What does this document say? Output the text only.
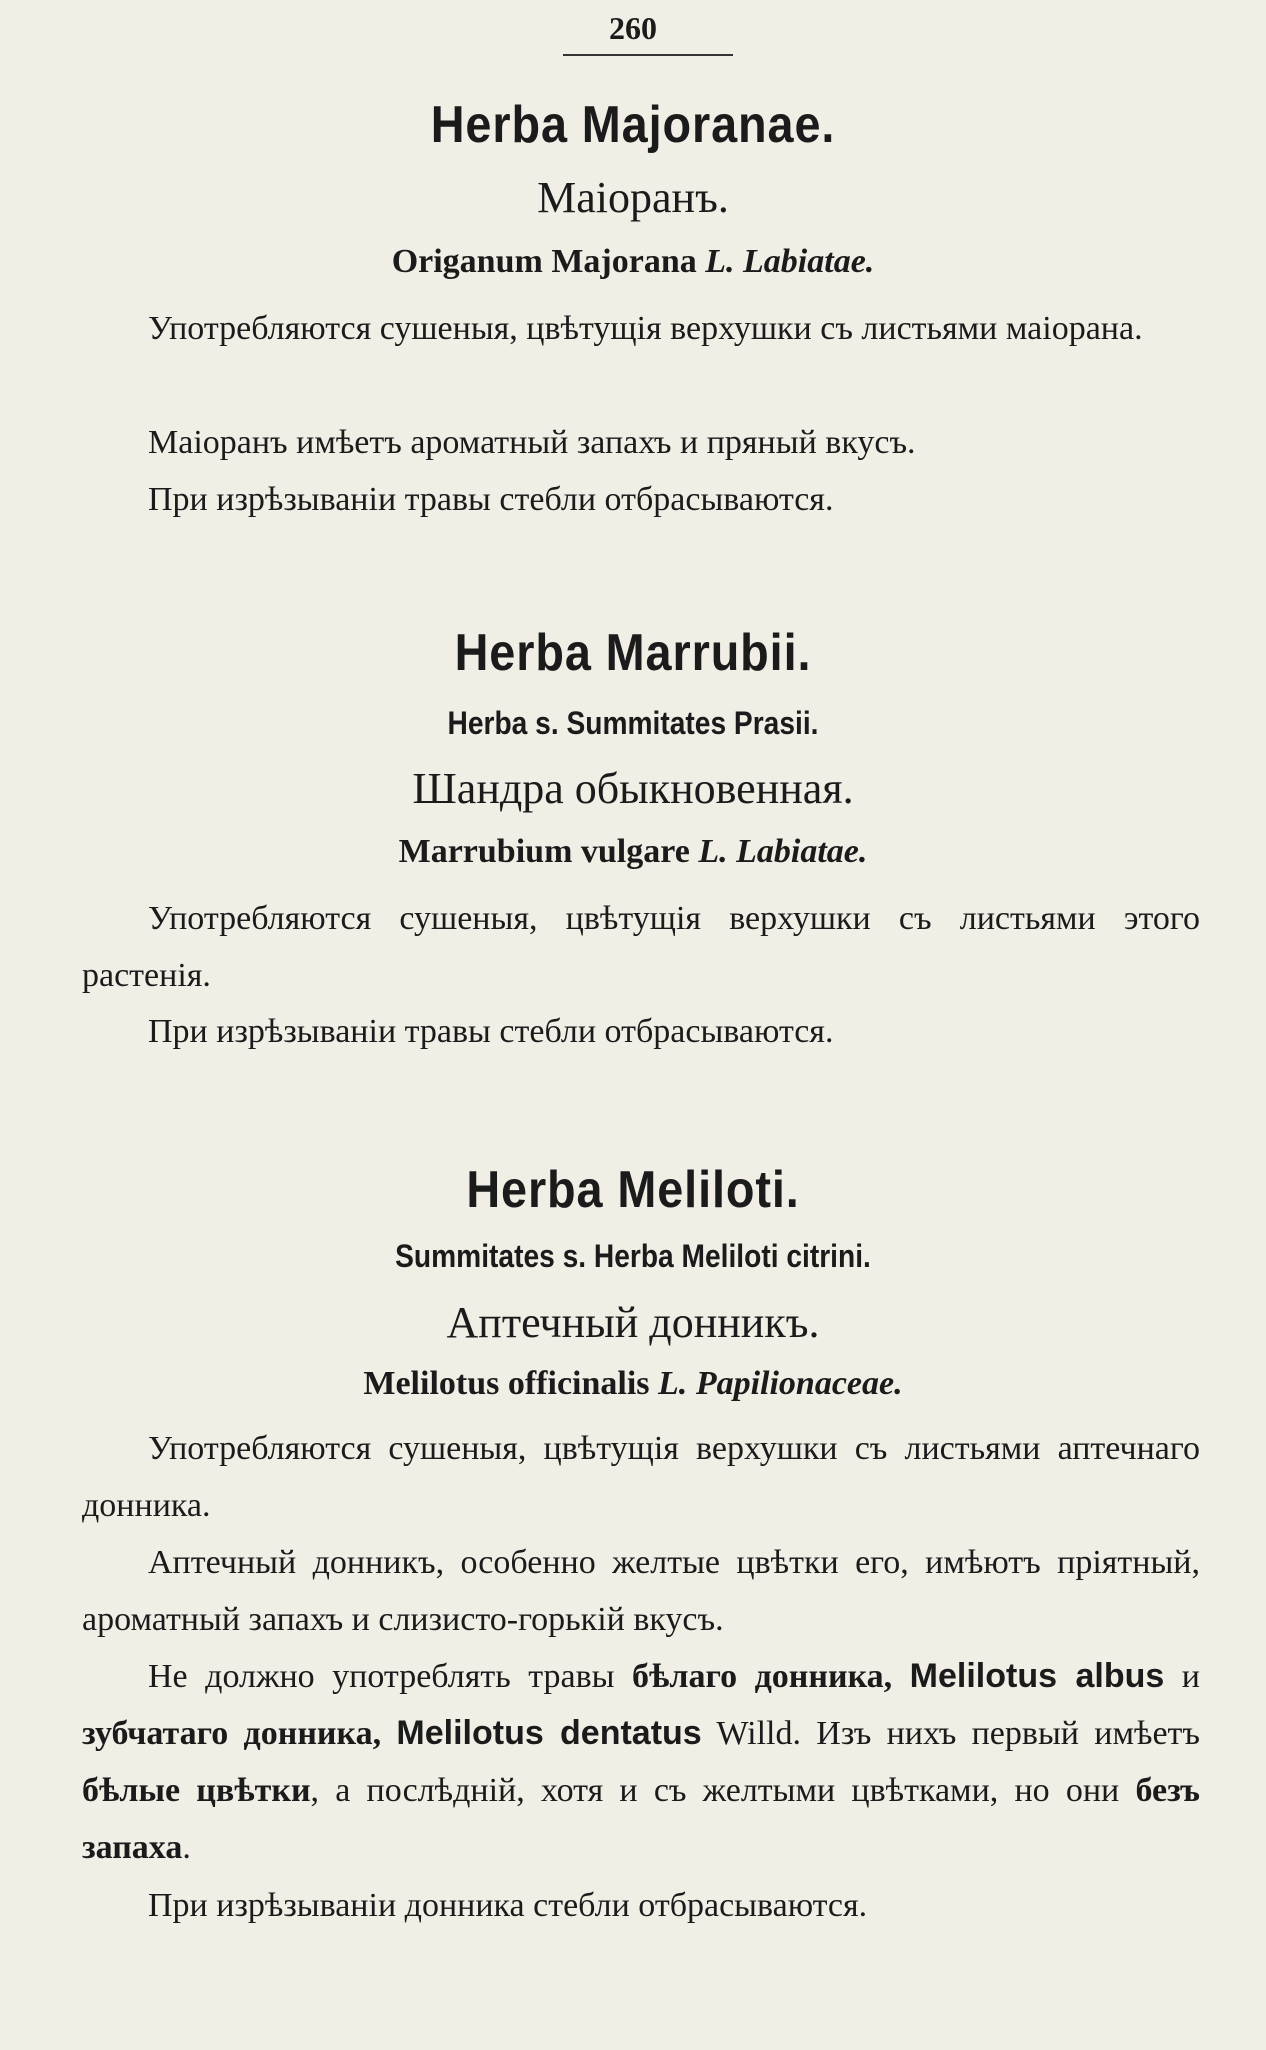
260
Herba Majoranae.
Маіоранъ.
Origanum Majorana L. Labiatae.
Употребляются сушеныя, цвѣтущія верхушки съ листьями маіорана.
Маіоранъ имѣетъ ароматный запахъ и пряный вкусъ.
При изрѣзываніи травы стебли отбрасываются.
Herba Marrubii.
Herba s. Summitates Prasii.
Шандра обыкновенная.
Marrubium vulgare L. Labiatae.
Употребляются сушеныя, цвѣтущія верхушки съ листьями этого растенія.
При изрѣзываніи травы стебли отбрасываются.
Herba Meliloti.
Summitates s. Herba Meliloti citrini.
Аптечный донникъ.
Melilotus officinalis L. Papilionaceae.
Употребляются сушеныя, цвѣтущія верхушки съ листьями аптечнаго донника.
Аптечный донникъ, особенно желтые цвѣтки его, имѣютъ пріятный, ароматный запахъ и слизисто-горькій вкусъ.
Не должно употреблять травы бѣлаго донника, Melilotus albus и зубчатаго донника, Melilotus dentatus Willd. Изъ нихъ первый имѣетъ бѣлые цвѣтки, а послѣдній, хотя и съ желтыми цвѣтками, но они безъ запаха.
При изрѣзываніи донника стебли отбрасываются.
